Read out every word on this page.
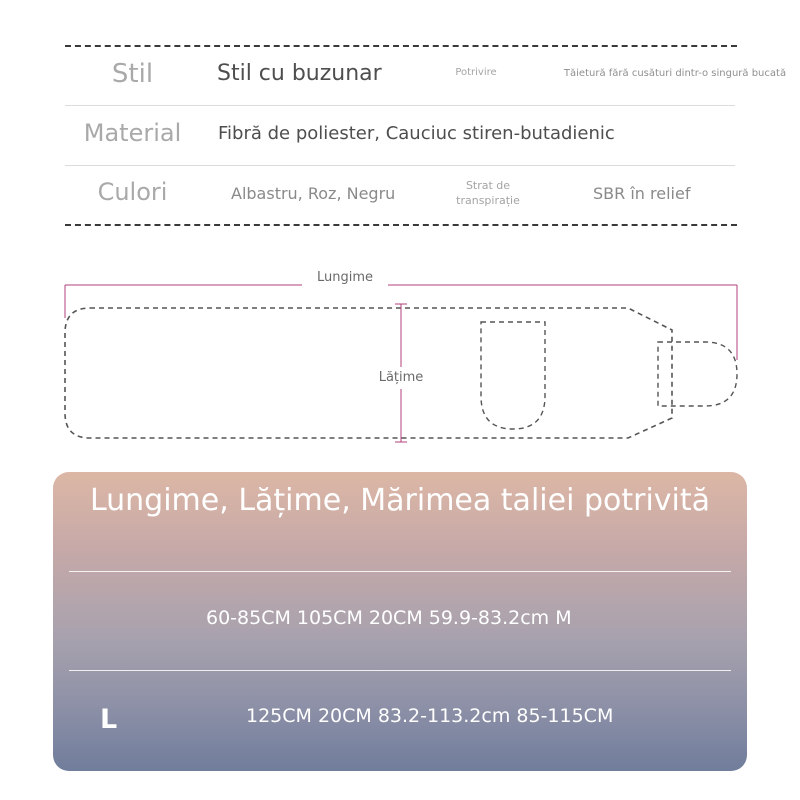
Stil	Stil cu buzunar	Potrivire	Tăietură fără cusături dintr-o singură bucată
Material	Fibră de poliester, Cauciuc stiren-butadienic
Culori	Albastru, Roz, Negru	Strat de transpirație	SBR în relief
Lungime
Lățime
Lungime, Lățime, Mărimea taliei potrivită
60-85CM 105CM 20CM 59.9-83.2cm M
L	125CM 20CM 83.2-113.2cm 85-115CM
